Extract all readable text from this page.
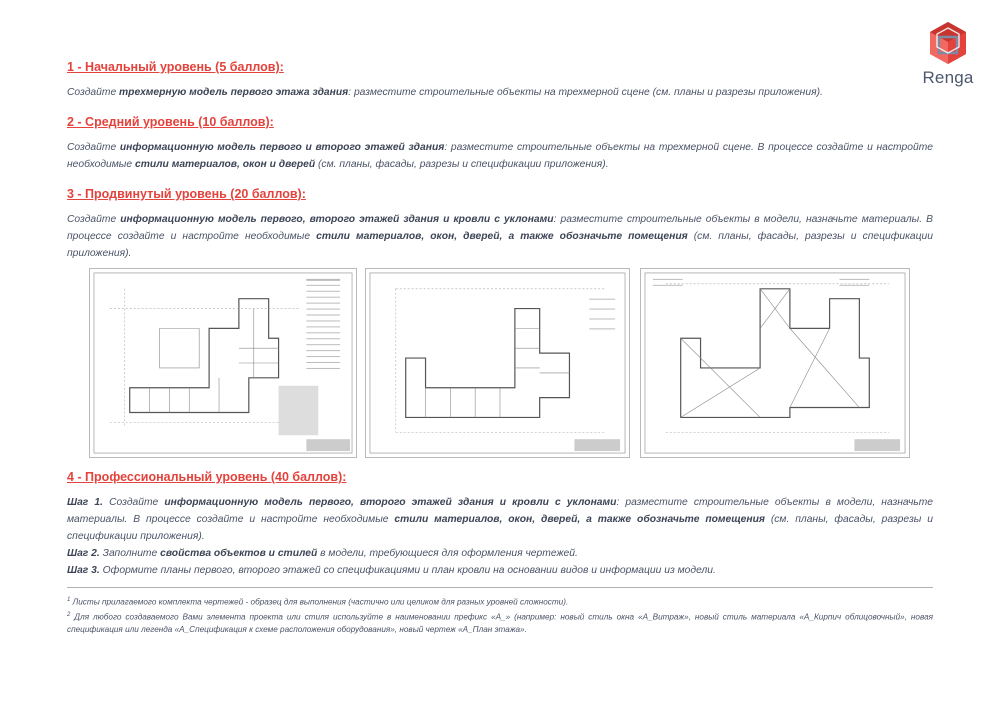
Renga
1 - Начальный уровень (5 баллов):

Создайте трехмерную модель первого этажа здания: разместите строительные объекты на трехмерной сцене (см. планы и разрезы приложения).

2 - Средний уровень (10 баллов):

Создайте информационную модель первого и второго этажей здания: разместите строительные объекты на трехмерной сцене. В процессе создайте и настройте необходимые стили материалов, окон и дверей (см. планы, фасады, разрезы и спецификации приложения).

3 - Продвинутый уровень (20 баллов):

Создайте информационную модель первого, второго этажей здания и кровли с уклонами: разместите строительные объекты в модели, назначьте материалы. В процессе создайте и настройте необходимые стили материалов, окон, дверей, а также обозначьте помещения (см. планы, фасады, разрезы и спецификации приложения).

4 - Профессиональный уровень (40 баллов):

Шаг 1. Создайте информационную модель первого, второго этажей здания и кровли с уклонами: разместите строительные объекты в модели, назначьте материалы. В процессе создайте и настройте необходимые стили материалов, окон, дверей, а также обозначьте помещения (см. планы, фасады, разрезы и спецификации приложения).

Шаг 2. Заполните свойства объектов и стилей в модели, требующиеся для оформления чертежей.

Шаг 3. Оформите планы первого, второго этажей со спецификациями и план кровли на основании видов и информации из модели.

$^1$ Листы прилагаемого комплекта чертежей - образец для выполнения (частично или целиком для разных уровней сложности).

$^2$ Для любого создаваемого Вами элемента проекта или стиля используйте в наименовании префикс «А_» (например: новый стиль окна «А_Витраж», новый стиль материала «А_Кирпич облицовочный», новая спецификация или легенда «А_Спецификация к схеме расположения оборудования», новый чертеж «А_План этажа».
